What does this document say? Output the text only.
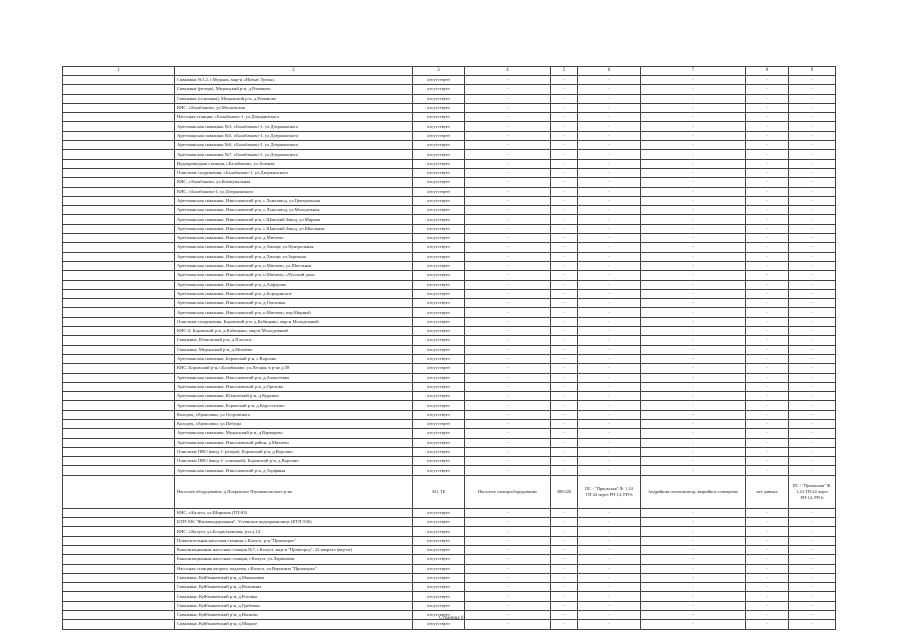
1	2	3	4	5	6	7	8	9
	Скважина №1,2, г.Медынь, мкр-н «Новые Луизы»	отсутствует	-	-	-	-	-	-
	Скважина (резерв), Медынский р-н, д.Романово	отсутствует	-	-	-	-	-	-
	Скважина (основная), Медынский р-н, д.Романово	отсутствует	-	-	-	-	-	-
	КНС, г.Балабаново, ул.Московская	отсутствует	-	-	-	-	-	-
	Насосная станция, г.Балабаново-1, ул.Дзержинского	отсутствует	-	-	-	-	-	-
	Артезианская скважина №3, г.Балабаново-1, ул.Дзержинского	отсутствует	-	-	-	-	-	-
	Артезианская скважина №5, г.Балабаново-1, ул.Дзержинского	отсутствует	-	-	-	-	-	-
	Артезианская скважина №6, г.Балабаново-1, ул.Дзержинского	отсутствует	-	-	-	-	-	-
	Артезианская скважина №7, г.Балабаново-1, ул.Дзержинского	отсутствует	-	-	-	-	-	-
	Водопроводная станция, г.Балабаново, ул.Зеленая	отсутствует	-	-	-	-	-	-
	Очистные сооружения, г.Балабаново-1, ул.Дзержинского	отсутствует	-	-	-	-	-	-
	КНС, г.Балабаново, ул.Коммунальная	отсутствует	-	-	-	-	-	-
	КНС, г.Балабаново-1, ул.Дзержинского	отсутствует	-	-	-	-	-	-
	Артезианская скважина, Износковский р-н, с.Льнозавод, ул.Центральная	отсутствует	-	-	-	-	-	-
	Артезианская скважина, Износковский р-н, с.Льнозавод, ул.Молодежная	отсутствует	-	-	-	-	-	-
	Артезианская скважина, Износковский р-н, с.Шанский Завод, ул.Мирная	отсутствует	-	-	-	-	-	-
	Артезианская скважина, Износковский р-н, с.Шанский Завод, ул.Школьная	отсутствует	-	-	-	-	-	-
	Артезианская скважина, Износковский р-н, д.Мятлево	отсутствует	-	-	-	-	-	-
	Артезианская скважина, Износковский р-н, д.Хвощи, ул.Центральная	отсутствует	-	-	-	-	-	-
	Артезианская скважина, Износковский р-н, д.Хвощи, ул.Заречная	отсутствует	-	-	-	-	-	-
	Артезианская скважина, Износковский р-н, п.Мятлево, ул.Школьная	отсутствует	-	-	-	-	-	-
	Артезианская скважина, Износковский р-н, п.Мятлево, «Русский дом»	отсутствует	-	-	-	-	-	-
	Артезианская скважина, Износковский р-н, д.Алферово	отсутствует	-	-	-	-	-	-
	Артезианская скважина, Износковский р-н, д.Бородинское	отсутствует	-	-	-	-	-	-
	Артезианская скважина, Износковский р-н, д.Ольховка	отсутствует	-	-	-	-	-	-
	Артезианская скважина, Износковский р-н, п.Мятлево, пер.Мирный	отсутствует	-	-	-	-	-	-
	Очистные сооружения, Боровский р-н, д.Кабицыно, мкр-н Молодежный	отсутствует	-	-	-	-	-	-
	КНС-2, Боровский р-н, д.Кабицыно, мкр-н Молодежный	отсутствует	-	-	-	-	-	-
	Скважина, Юхновский р-н, д.Плоское	отсутствует	-	-	-	-	-	-
	Скважина, Медынский р-н, д.Михеево	отсутствует	-	-	-	-	-	-
	Артезианская скважина, Боровский р-н, с.Ворсино	отсутствует	-	-	-	-	-	-
	КНС, Боровский р-н, г.Балабаново, ул.Лесная, в р-не д.58	отсутствует	-	-	-	-	-	-
	Артезианская скважина, Износковский р-н, д.Алексеевка	отсутствует	-	-	-	-	-	-
	Артезианская скважина, Износковский р-н, д.Орехово	отсутствует	-	-	-	-	-	-
	Артезианская скважина, Юхновский р-н, д.Куркино	отсутствует	-	-	-	-	-	-
	Артезианская скважина, Боровский р-н, д.Коростелево	отсутствует	-	-	-	-	-	-
	Колодец, г.Ермолино, ул.Островского	отсутствует	-	-	-	-	-	-
	Колодец, г.Ермолино, ул.Победы	отсутствует	-	-	-	-	-	-
	Артезианская скважина, Медынский р-н, д.Варварово	отсутствует	-	-	-	-	-	-
	Артезианская скважина, Износковский район, д.Мятлево	отсутствует	-	-	-	-	-	-
	Очистные ПВО (ввод 1- резерв), Боровский р-н, д.Ворсино	отсутствует	-	-	-	-	-	-
	Очистные ПВО (ввод 2- основной), Боровский р-н, д.Ворсино	отсутствует	-	-	-	-	-	-
	Артезианская скважина, Износковский р-н, д.Торфяная	отсутствует	-	-	-	-	-	-
	Насосное оборудование, д.Покровское Перемышльского р-на	АО, ТБ	Насосное электрооборудование	380/220	ПС - "Приокская" Ф. 1,24 ТП-24 через РП-14, РП-6	Андрейкин сигнализатор, аварийное освещение	нет данных	ПС - "Приокская" Ф. 1,24 ТП-24 через РП-14, РП-6
	КНС, г.Калуга, ул.Широкая (ТП-83)	отсутствует	-	-	-	-	-	-
	КТП-536 "Жилишодорожная", Угтинское водохранилище (КТП-536)	отсутствует	-	-	-	-	-	-
	КНС, г.Калуга, ул.Болдюсьевская, р-н д.14	отсутствует	-	-	-	-	-	-
	Повысительная насосная станция, г.Калуга, р-н "Приокорье"	отсутствует	-	-	-	-	-	-
	Канализационная насосная станция №7, г.Калуга, мкр-н "Правгород", 22 квартал (вар-нт)	отсутствует	-	-	-	-	-	-
	Канализационная насосная станция, г.Калуга, ул.Ларионова	отсутствует	-	-	-	-	-	-
	Насосная станция второго подъема, г.Калуга, ул.Веригина "Приокорье"	отсутствует	-	-	-	-	-	-
	Скважина, Куйбышевский р-н, д.Мамоновка	отсутствует	-	-	-	-	-	-
	Скважина, Куйбышевский р-н, д.Вельмина	отсутствует	-	-	-	-	-	-
	Скважина, Куйбышевский р-н, д.Роговка	отсутствует	-	-	-	-	-	-
	Скважина, Куйбышевский р-н, д.Грабовка	отсутствует	-	-	-	-	-	-
	Скважина, Куйбышевский р-н, д.Васково	отсутствует	-	-	-	-	-	-
	Скважина, Куйбышевский р-н, д.Мокрое	отсутствует	-	-	-	-	-	-
Страница 61
